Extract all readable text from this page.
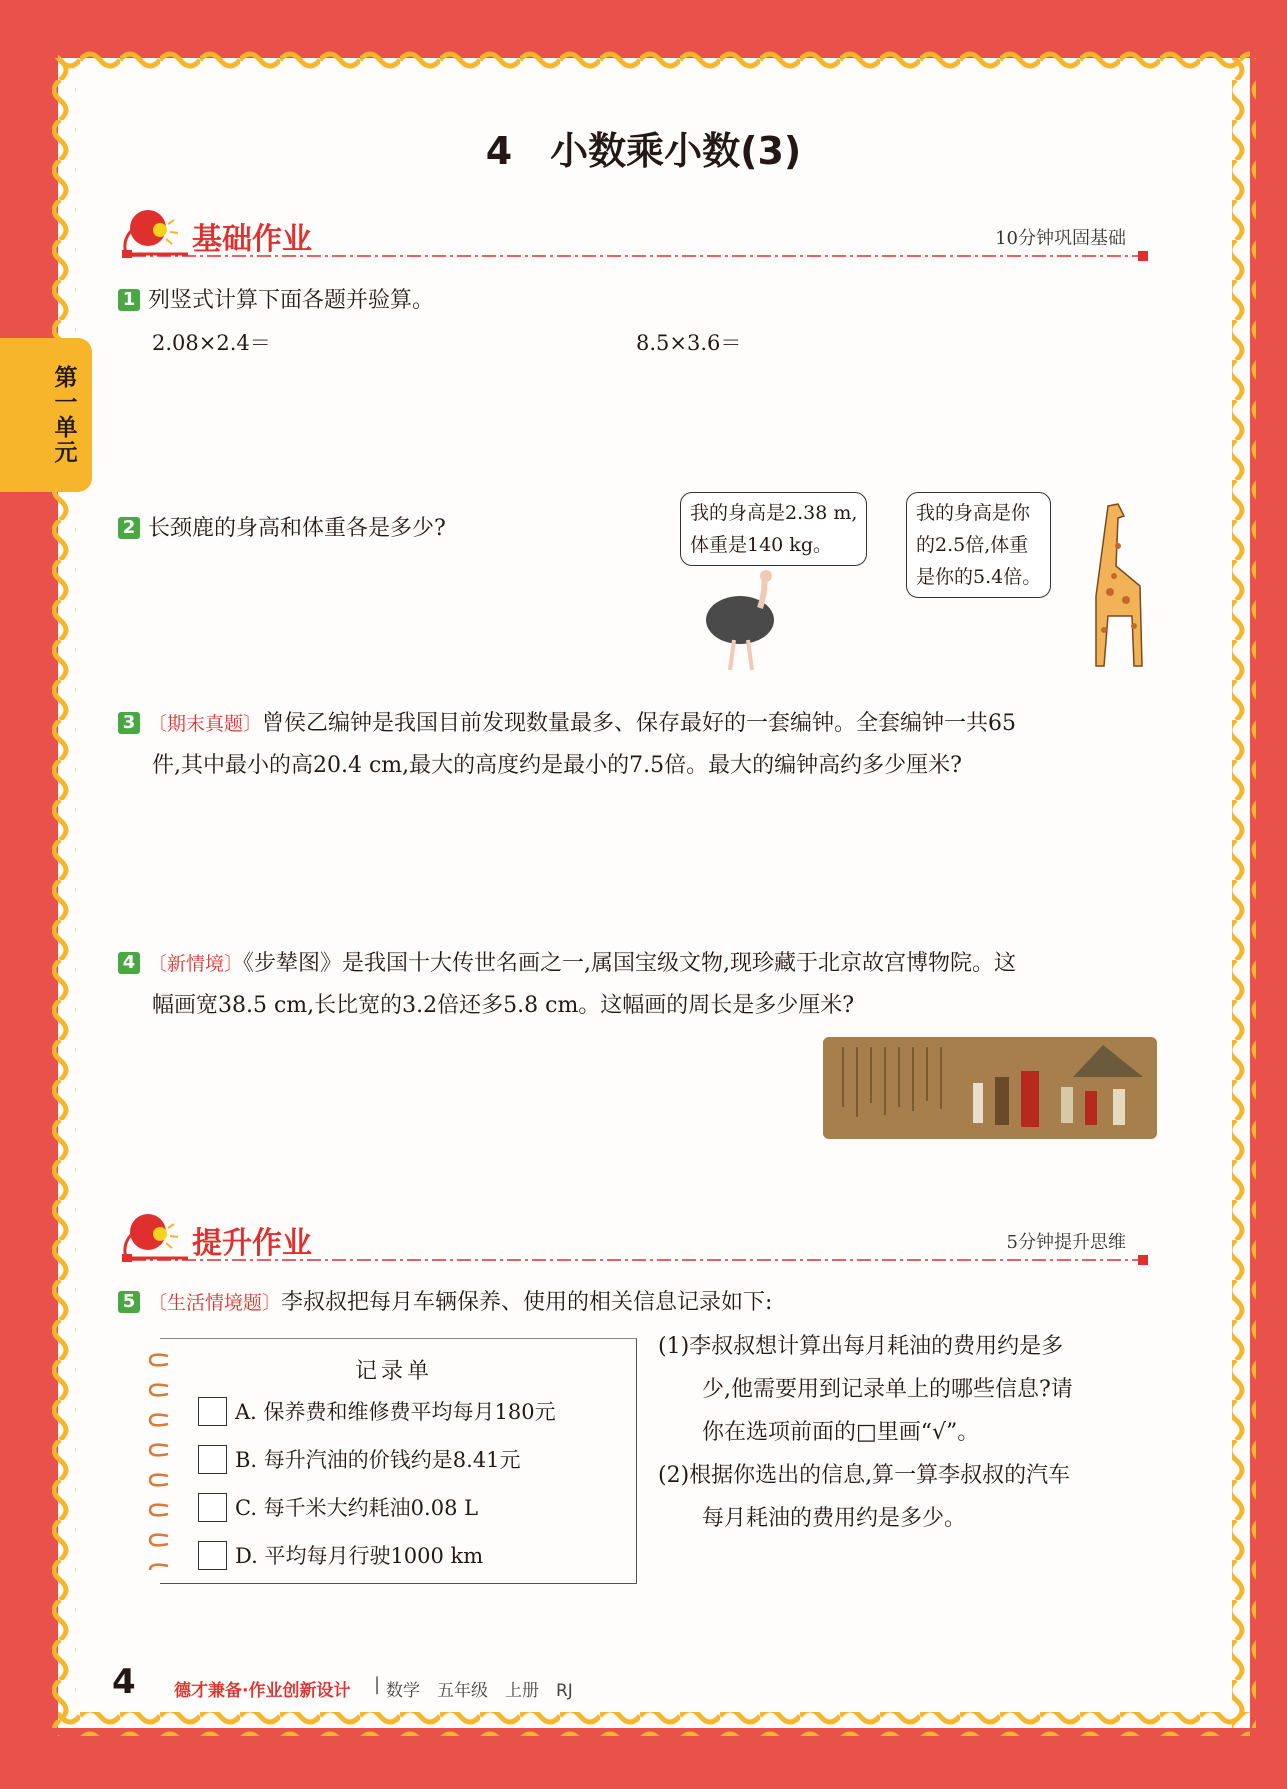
第一单元
4　小数乘小数(3)
基础作业	10分钟巩固基础
1 列竖式计算下面各题并验算。
2.08×2.4＝	8.5×3.6＝
2 长颈鹿的身高和体重各是多少?
我的身高是2.38 m,
体重是140 kg。
我的身高是你
的2.5倍,体重
是你的5.4倍。
3 〔期末真题〕曾侯乙编钟是我国目前发现数量最多、保存最好的一套编钟。全套编钟一共65
件,其中最小的高20.4 cm,最大的高度约是最小的7.5倍。最大的编钟高约多少厘米?
4 〔新情境〕《步辇图》是我国十大传世名画之一,属国宝级文物,现珍藏于北京故宫博物院。这
幅画宽38.5 cm,长比宽的3.2倍还多5.8 cm。这幅画的周长是多少厘米?
提升作业	5分钟提升思维
5 〔生活情境题〕李叔叔把每月车辆保养、使用的相关信息记录如下:
记录单
A. 保养费和维修费平均每月180元
B. 每升汽油的价钱约是8.41元
C. 每千米大约耗油0.08 L
D. 平均每月行驶1000 km
(1)李叔叔想计算出每月耗油的费用约是多
少,他需要用到记录单上的哪些信息?请
你在选项前面的□里画“√”。
(2)根据你选出的信息,算一算李叔叔的汽车
每月耗油的费用约是多少。
4 德才兼备·作业创新设计 | 数学　五年级　上册　RJ
